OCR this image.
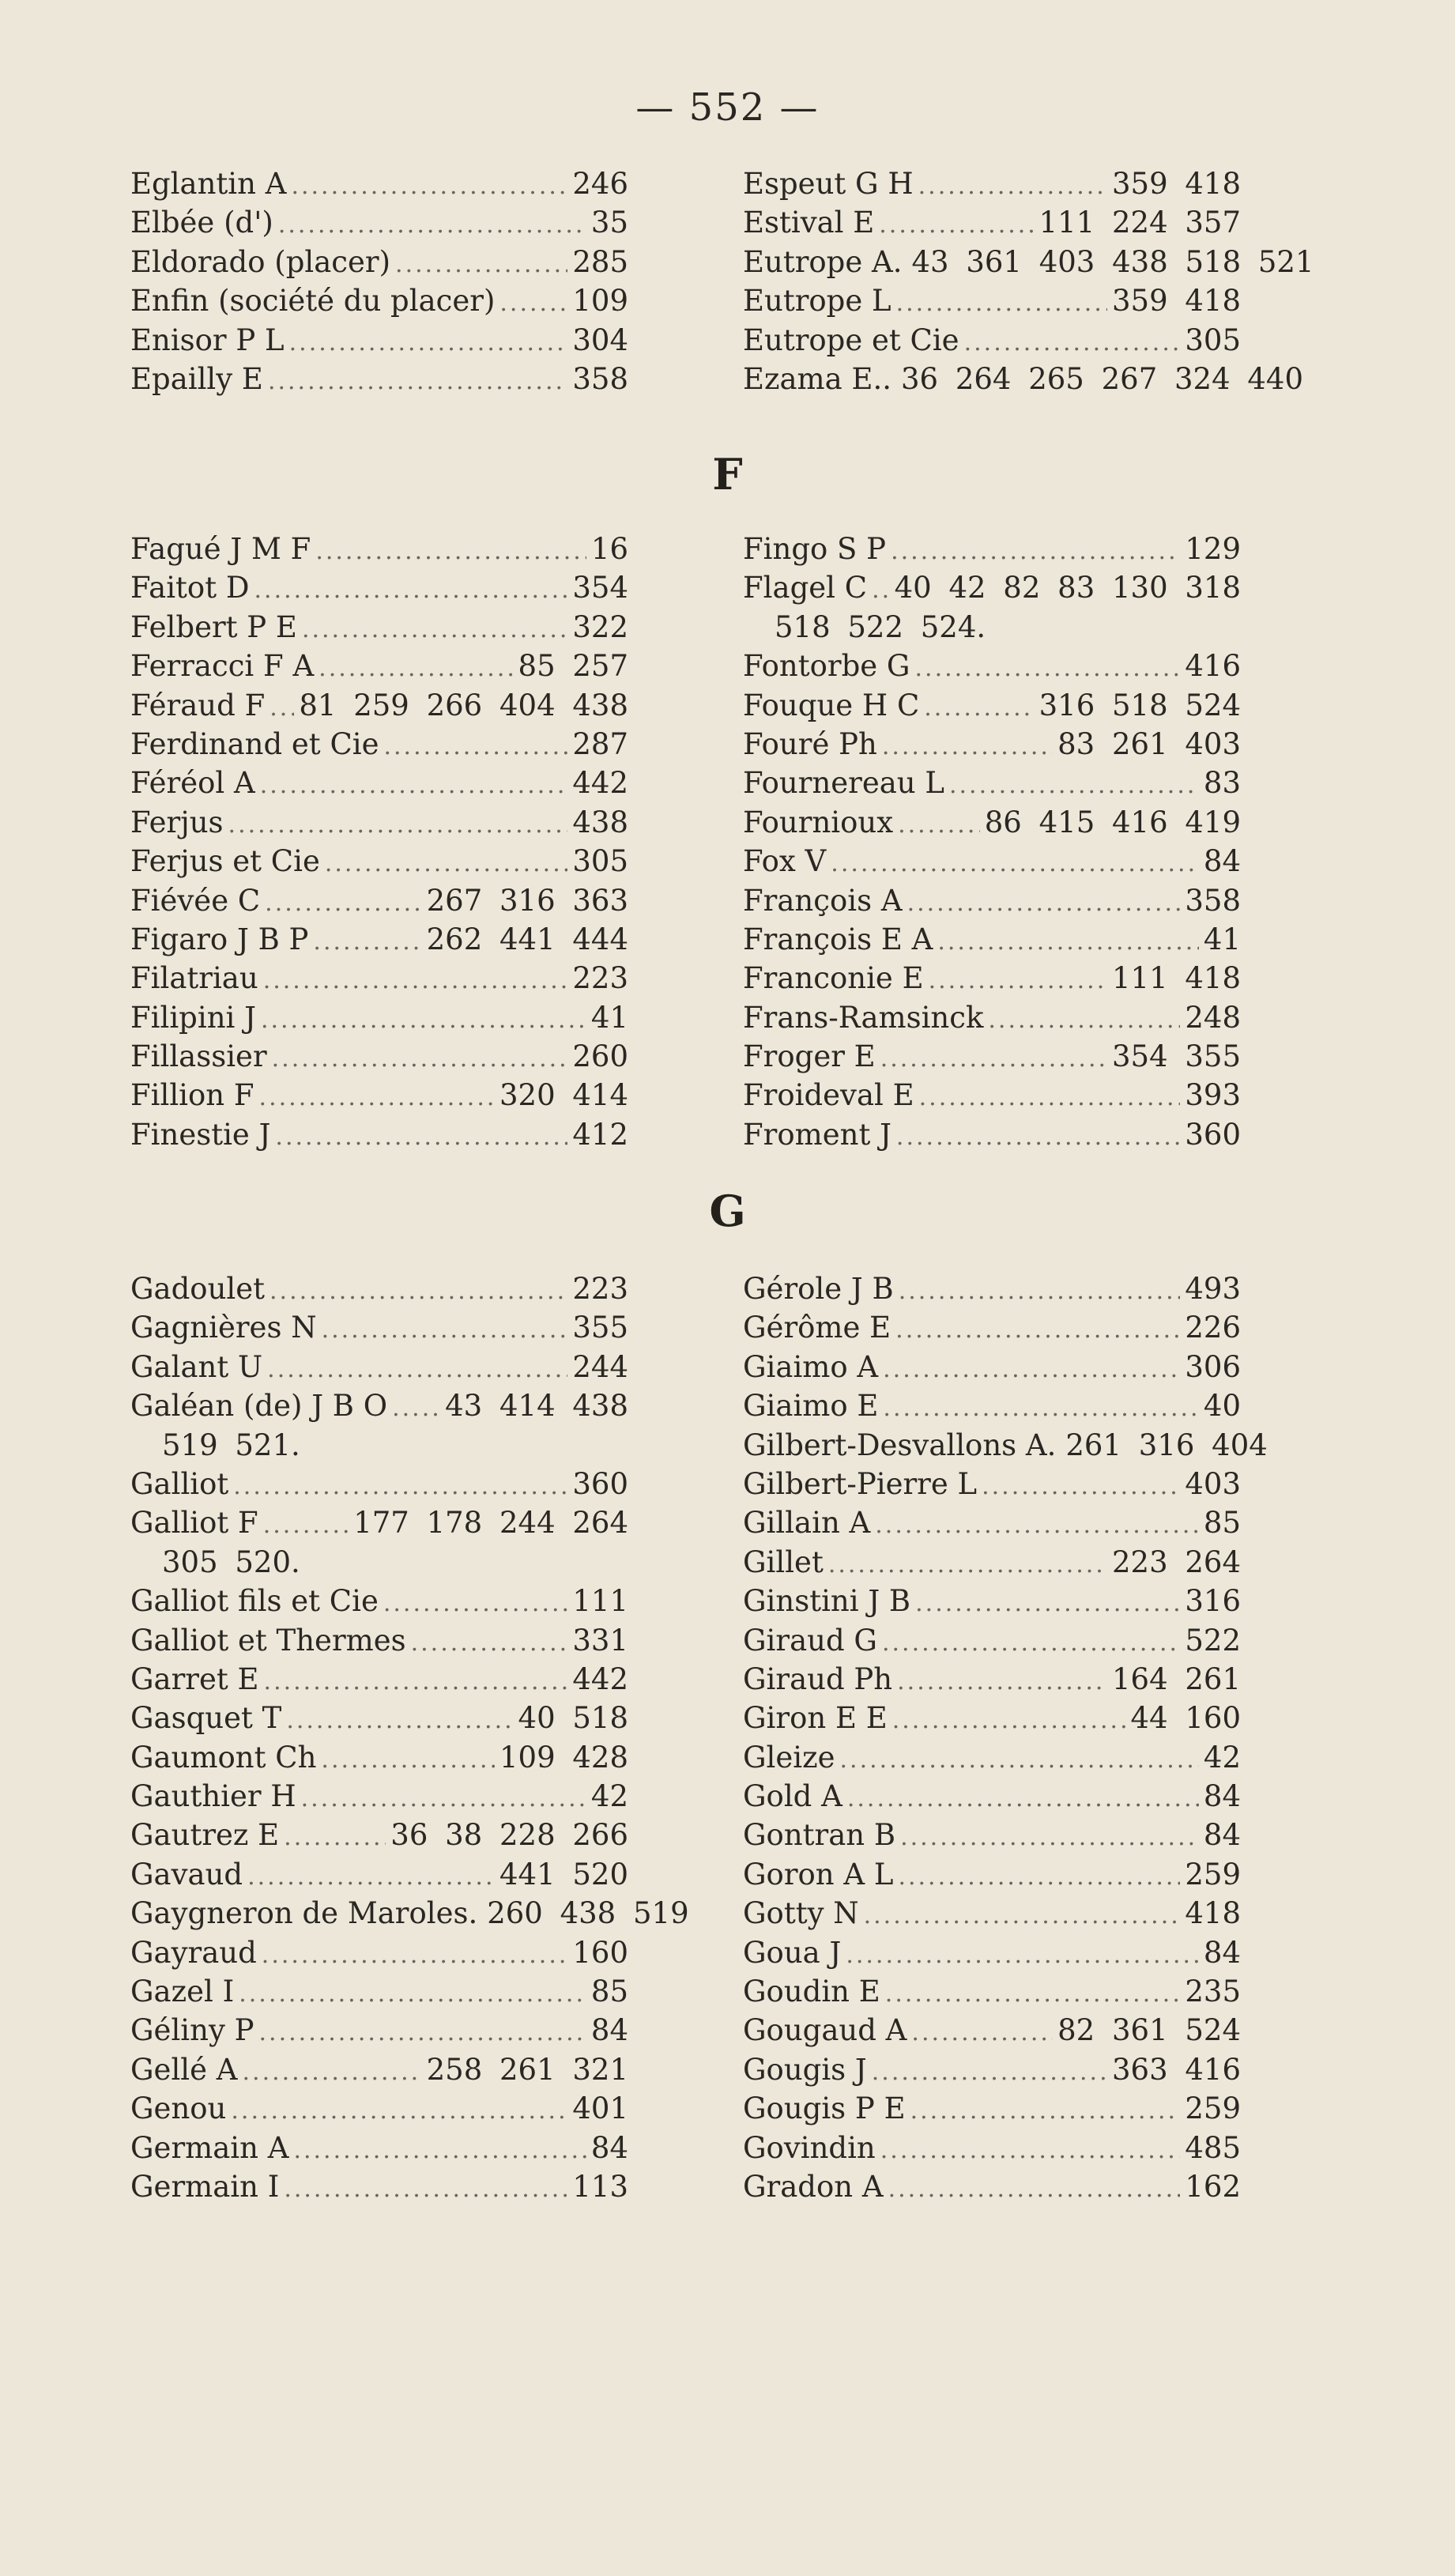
— 552 —
Eglantin A .....	246
Elbée (d') .....	35
Eldorado (placer) .....	285
Enfin (société du placer) .....	109
Enisor P L .....	304
Epailly E .....	358
Espeut G H .....	359 418
Estival E .....	111 224 357
Eutrope A. 43 361 403 438 518 521
Eutrope L .....	359 418
Eutrope et Cie .....	305
Ezama E.. 36 264 265 267 324 440
F
Fagué J M F .....	16
Faitot D .....	354
Felbert P E .....	322
Ferracci F A .....	85 257
Féraud F ..... 81 259 266 404 438
Ferdinand et Cie .....	287
Féréol A .....	442
Ferjus .....	438
Ferjus et Cie .....	305
Fiévée C .....	267 316 363
Figaro J B P .....	262 441 444
Filatriau .....	223
Filipini J .....	41
Fillassier .....	260
Fillion F .....	320 414
Finestie J .....	412
Fingo S P .....	129
Flagel C ..... 40 42 82 83 130 318
518 522 524.
Fontorbe G .....	416
Fouque H C .....	316 518 524
Fouré Ph .....	83 261 403
Fournereau L .....	83
Fournioux .....	86 415 416 419
Fox V .....	84
François A .....	358
François E A .....	41
Franconie E .....	111 418
Frans-Ramsinck .....	248
Froger E .....	354 355
Froideval E .....	393
Froment J .....	360
G
Gadoulet .....	223
Gagnières N .....	355
Galant U .....	244
Galéan (de) J B O ..... 43 414 438
519 521.
Galliot .....	360
Galliot F .....	177 178 244 264
305 520.
Galliot fils et Cie .....	111
Galliot et Thermes .....	331
Garret E .....	442
Gasquet T .....	40 518
Gaumont Ch .....	109 428
Gauthier H .....	42
Gautrez E .....	36 38 228 266
Gavaud .....	441 520
Gaygneron de Maroles. 260 438 519
Gayraud .....	160
Gazel I .....	85
Géliny P .....	84
Gellé A .....	258 261 321
Genou .....	401
Germain A .....	84
Germain I .....	113
Gérole J B .....	493
Gérôme E .....	226
Giaimo A .....	306
Giaimo E .....	40
Gilbert-Desvallons A. 261 316 404
Gilbert-Pierre L .....	403
Gillain A .....	85
Gillet .....	223 264
Ginstini J B .....	316
Giraud G .....	522
Giraud Ph .....	164 261
Giron E E .....	44 160
Gleize .....	42
Gold A .....	84
Gontran B .....	84
Goron A L .....	259
Gotty N .....	418
Goua J .....	84
Goudin E .....	235
Gougaud A .....	82 361 524
Gougis J .....	363 416
Gougis P E .....	259
Govindin .....	485
Gradon A .....	162
